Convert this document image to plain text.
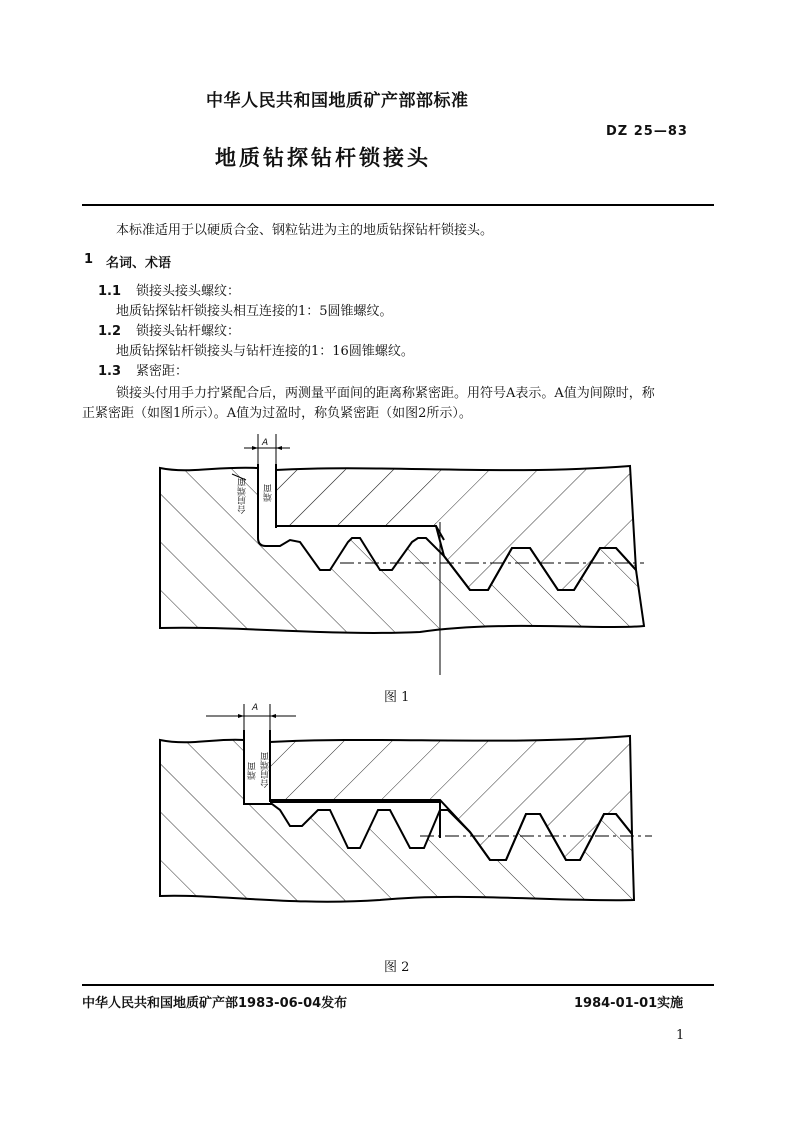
中华人民共和国地质矿产部部标准
DZ 25—83
地质钻探钻杆锁接头
本标准适用于以硬质合金、钢粒钻进为主的地质钻探钻杆锁接头。
1 名词、术语
1.1 锁接头接头螺纹：
地质钻探钻杆锁接头相互连接的1：5圆锥螺纹。
1.2 锁接头钻杆螺纹：
地质钻探钻杆锁接头与钻杆连接的1：16圆锥螺纹。
1.3 紧密距：
锁接头付用手力拧紧配合后，两测量平面间的距离称紧密距。用符号A表示。A值为间隙时，称
正紧密距（如图1所示）。A值为过盈时，称负紧密距（如图2所示）。
A
台肩端面 端面
图 1
A
端面 台肩端面
图 2
中华人民共和国地质矿产部1983-06-04发布	1984-01-01实施
1
